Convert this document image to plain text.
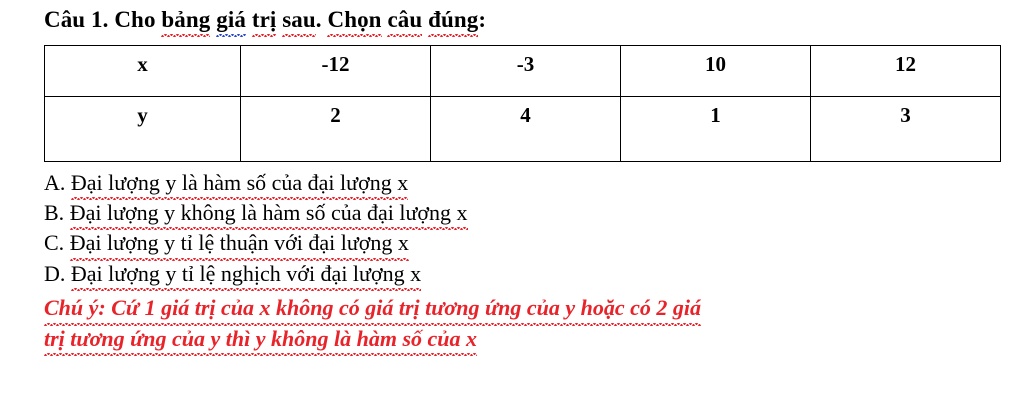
Câu 1. Cho bảng giá trị sau. Chọn câu đúng:
x	-12	-3	10	12
y	2	4	1	3
A. Đại lượng y là hàm số của đại lượng x
B. Đại lượng y không là hàm số của đại lượng x
C. Đại lượng y tỉ lệ thuận với đại lượng x
D. Đại lượng y tỉ lệ nghịch với đại lượng x
Chú ý: Cứ 1 giá trị của x không có giá trị tương ứng của y hoặc có 2 giá
trị tương ứng của y thì y không là hàm số của x
